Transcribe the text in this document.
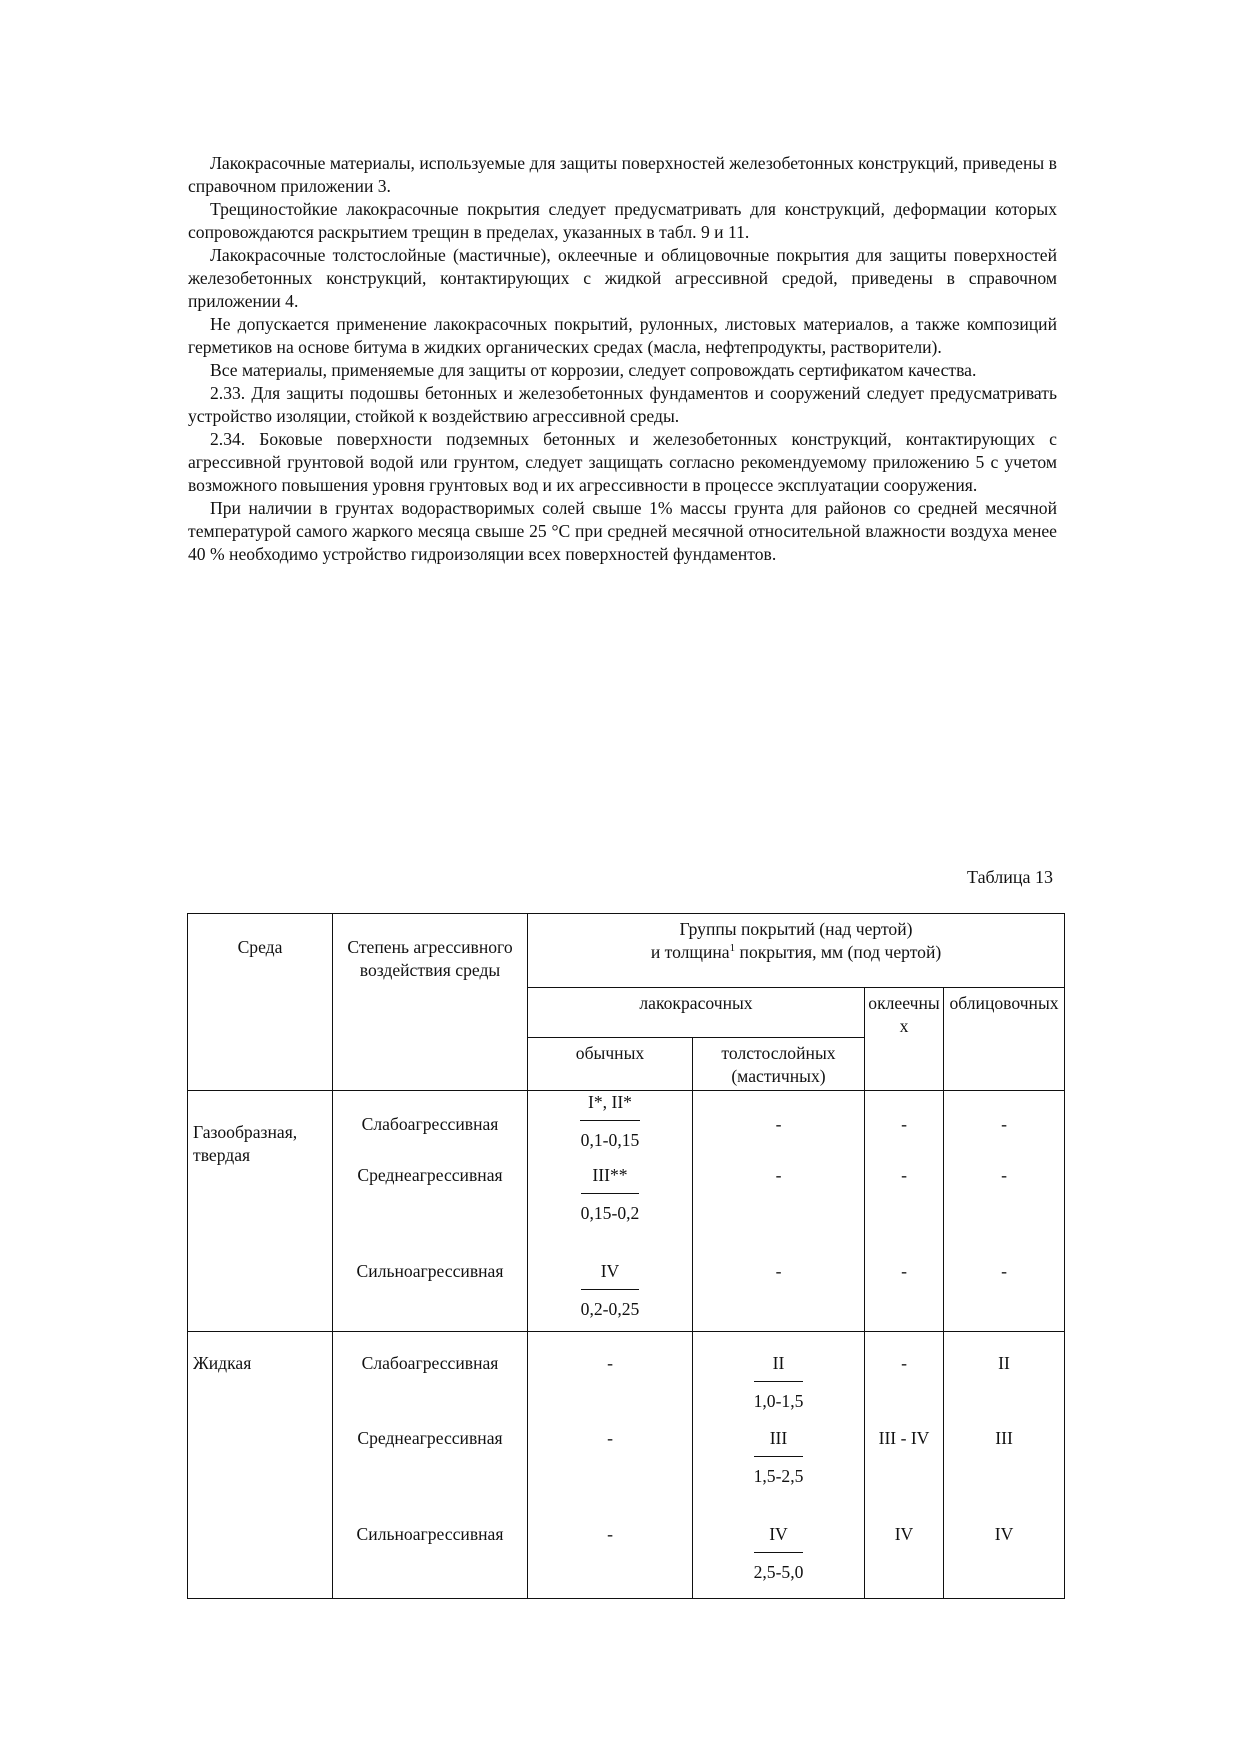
Лакокрасочные материалы, используемые для защиты поверхностей железобетонных конструкций, приведены в справочном приложении 3.

Трещиностойкие лакокрасочные покрытия следует предусматривать для конструкций, деформации которых сопровождаются раскрытием трещин в пределах, указанных в табл. 9 и 11.

Лакокрасочные толстослойные (мастичные), оклеечные и облицовочные покрытия для защиты поверхностей железобетонных конструкций, контактирующих с жидкой агрессивной средой, приведены в справочном приложении 4.

Не допускается применение лакокрасочных покрытий, рулонных, листовых материалов, а также композиций герметиков на основе битума в жидких органических средах (масла, нефтепродукты, растворители).

Все материалы, применяемые для защиты от коррозии, следует сопровождать сертификатом качества.

2.33. Для защиты подошвы бетонных и железобетонных фундаментов и сооружений следует предусматривать устройство изоляции, стойкой к воздействию агрессивной среды.

2.34. Боковые поверхности подземных бетонных и железобетонных конструкций, контактирующих с агрессивной грунтовой водой или грунтом, следует защищать согласно рекомендуемому приложению 5 с учетом возможного повышения уровня грунтовых вод и их агрессивности в процессе эксплуатации сооружения.

При наличии в грунтах водорастворимых солей свыше 1% массы грунта для районов со средней месячной температурой самого жаркого месяца свыше 25 °С при средней месячной относительной влажности воздуха менее 40 % необходимо устройство гидроизоляции всех поверхностей фундаментов.

Таблица 13
Среда	Степень агрессивного воздействия среды	Группы покрытий (над чертой)
и толщина$^1$ покрытия, мм (под чертой)			
		лакокрасочных		оклеечных	облицовочных
		обычных	толстослойных (мастичных)		
Газообразная, твердая	Слабоагрессивная	$\frac{I*, II*}{0,1-0,15}$	-	-	-
	Среднеагрессивная	$\frac{\text{III**}}{0,15-0,2}$	-	-	-
	Сильноагрессивная	$\frac{IV}{0,2-0,25}$	-	-	-
Жидкая	Слабоагрессивная	-	$\frac{II}{1,0-1,5}$	-	II
	Среднеагрессивная	-	$\frac{\text{III}}{1,5-2,5}$	III - IV	III
	Сильноагрессивная	-	$\frac{IV}{2,5-5,0}$	IV	IV
